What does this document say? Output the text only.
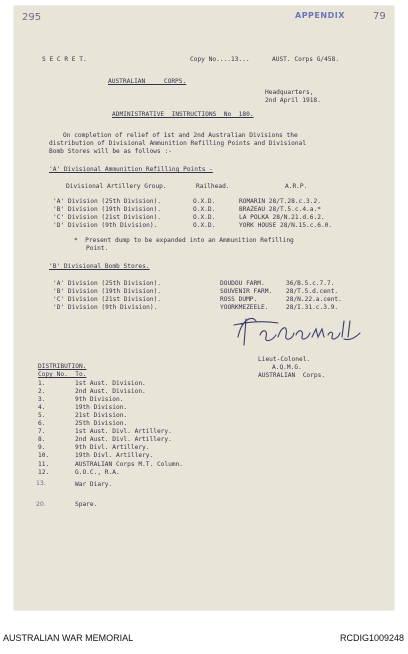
295	APPENDIX	79
S E C R E T.	Copy No....13...	AUST. Corps G/458.
AUSTRALIAN     CORPS.
Headquarters,
2nd April 1918.
ADMINISTRATIVE  INSTRUCTIONS  No  180.
On completion of relief of 1st and 2nd Australian Divisions the
distribution of Divisional Ammunition Refilling Points and Divisional
Bomb Stores will be as follows :-
'A' Divisional Ammunition Refilling Points -
Divisional Artillery Group.	Railhead.	A.R.P.
'A' Division (25th Division).	O.X.D.	ROMARIN 28/T.28.c.3.2.
'B' Division (19th Division).	O.X.D.	BRAZEAU 28/T.5.c.4.a.*
'C' Division (21st Division).	O.X.D.	LA POLKA 28/N.21.d.6.2.
'D' Division (9th Division).	O.X.D.	YORK HOUSE 28/N.15.c.6.0.
*  Present dump to be expanded into an Ammunition Refilling
Point.
'B' Divisional Bomb Stores.
'A' Division (25th Division).	DOUDOU FARM.	36/B.5.c.7.7.
'B' Division (19th Division).	SOUVENIR FARM. 28/T.5.d.cent.
'C' Division (21st Division).	ROSS DUMP.	28/N.22.a.cent.
'D' Division (9th Division).	YOORKMEZEELE.	28/I.31.c.3.9.
Lieut-Colonel.
A.Q.M.G.
AUSTRALIAN  Corps.
DISTRIBUTION.
Copy No.  To.
1.	1st Aust. Division.
2.	2nd Aust. Division.
3.	9th Division.
4.	19th Division.
5.	21st Division.
6.	25th Division.
7.	1st Aust. Divl. Artillery.
8.	2nd Aust. Divl. Artillery.
9.	9th Divl. Artillery.
10.	19th Divl. Artillery.
11.	AUSTRALIAN Corps M.T. Column.
12.	G.O.C., R.A.
13.	War Diary.
20.	Spare.
AUSTRALIAN WAR MEMORIAL	RCDIG1009248
